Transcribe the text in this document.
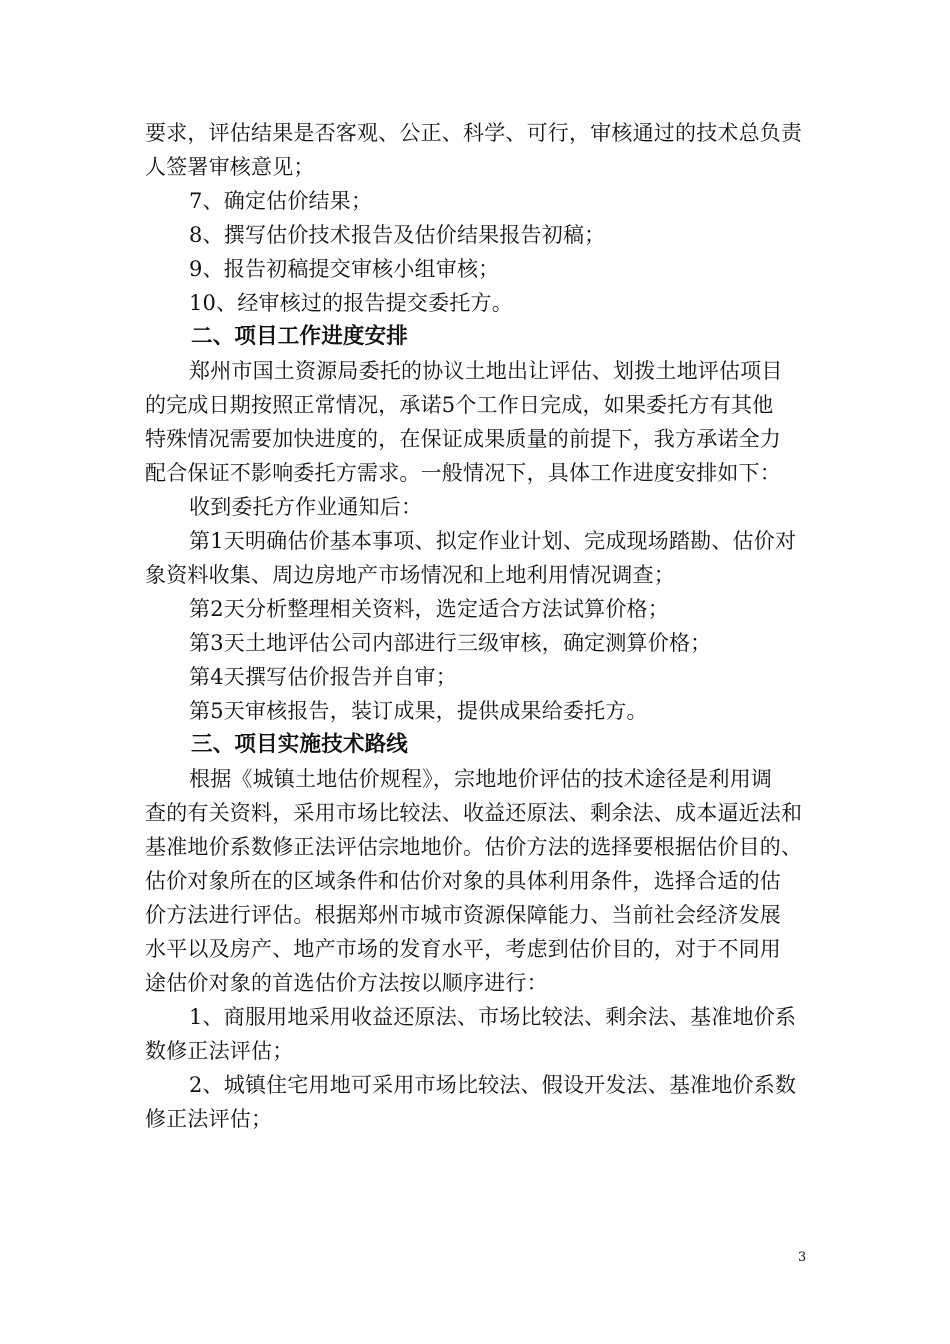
要求，评估结果是否客观、公正、科学、可行，审核通过的技术总负责
人签署审核意见；
7、确定估价结果；
8、撰写估价技术报告及估价结果报告初稿；
9、报告初稿提交审核小组审核；
10、经审核过的报告提交委托方。
二、项目工作进度安排
郑州市国土资源局委托的协议土地出让评估、划拨土地评估项目
的完成日期按照正常情况，承诺5个工作日完成，如果委托方有其他
特殊情况需要加快进度的，在保证成果质量的前提下，我方承诺全力
配合保证不影响委托方需求。一般情况下，具体工作进度安排如下：
收到委托方作业通知后：
第1天明确估价基本事项、拟定作业计划、完成现场踏勘、估价对
象资料收集、周边房地产市场情况和上地利用情况调查；
第2天分析整理相关资料，选定适合方法试算价格；
第3天土地评估公司内部进行三级审核，确定测算价格；
第4天撰写估价报告并自审；
第5天审核报告，装订成果，提供成果给委托方。
三、项目实施技术路线
根据《城镇土地估价规程》，宗地地价评估的技术途径是利用调
查的有关资料，采用市场比较法、收益还原法、剩余法、成本逼近法和
基准地价系数修正法评估宗地地价。估价方法的选择要根据估价目的、
估价对象所在的区域条件和估价对象的具体利用条件，选择合适的估
价方法进行评估。根据郑州市城市资源保障能力、当前社会经济发展
水平以及房产、地产市场的发育水平，考虑到估价目的，对于不同用
途估价对象的首选估价方法按以顺序进行：
1、商服用地采用收益还原法、市场比较法、剩余法、基准地价系
数修正法评估；
2、城镇住宅用地可采用市场比较法、假设开发法、基准地价系数
修正法评估；
3
